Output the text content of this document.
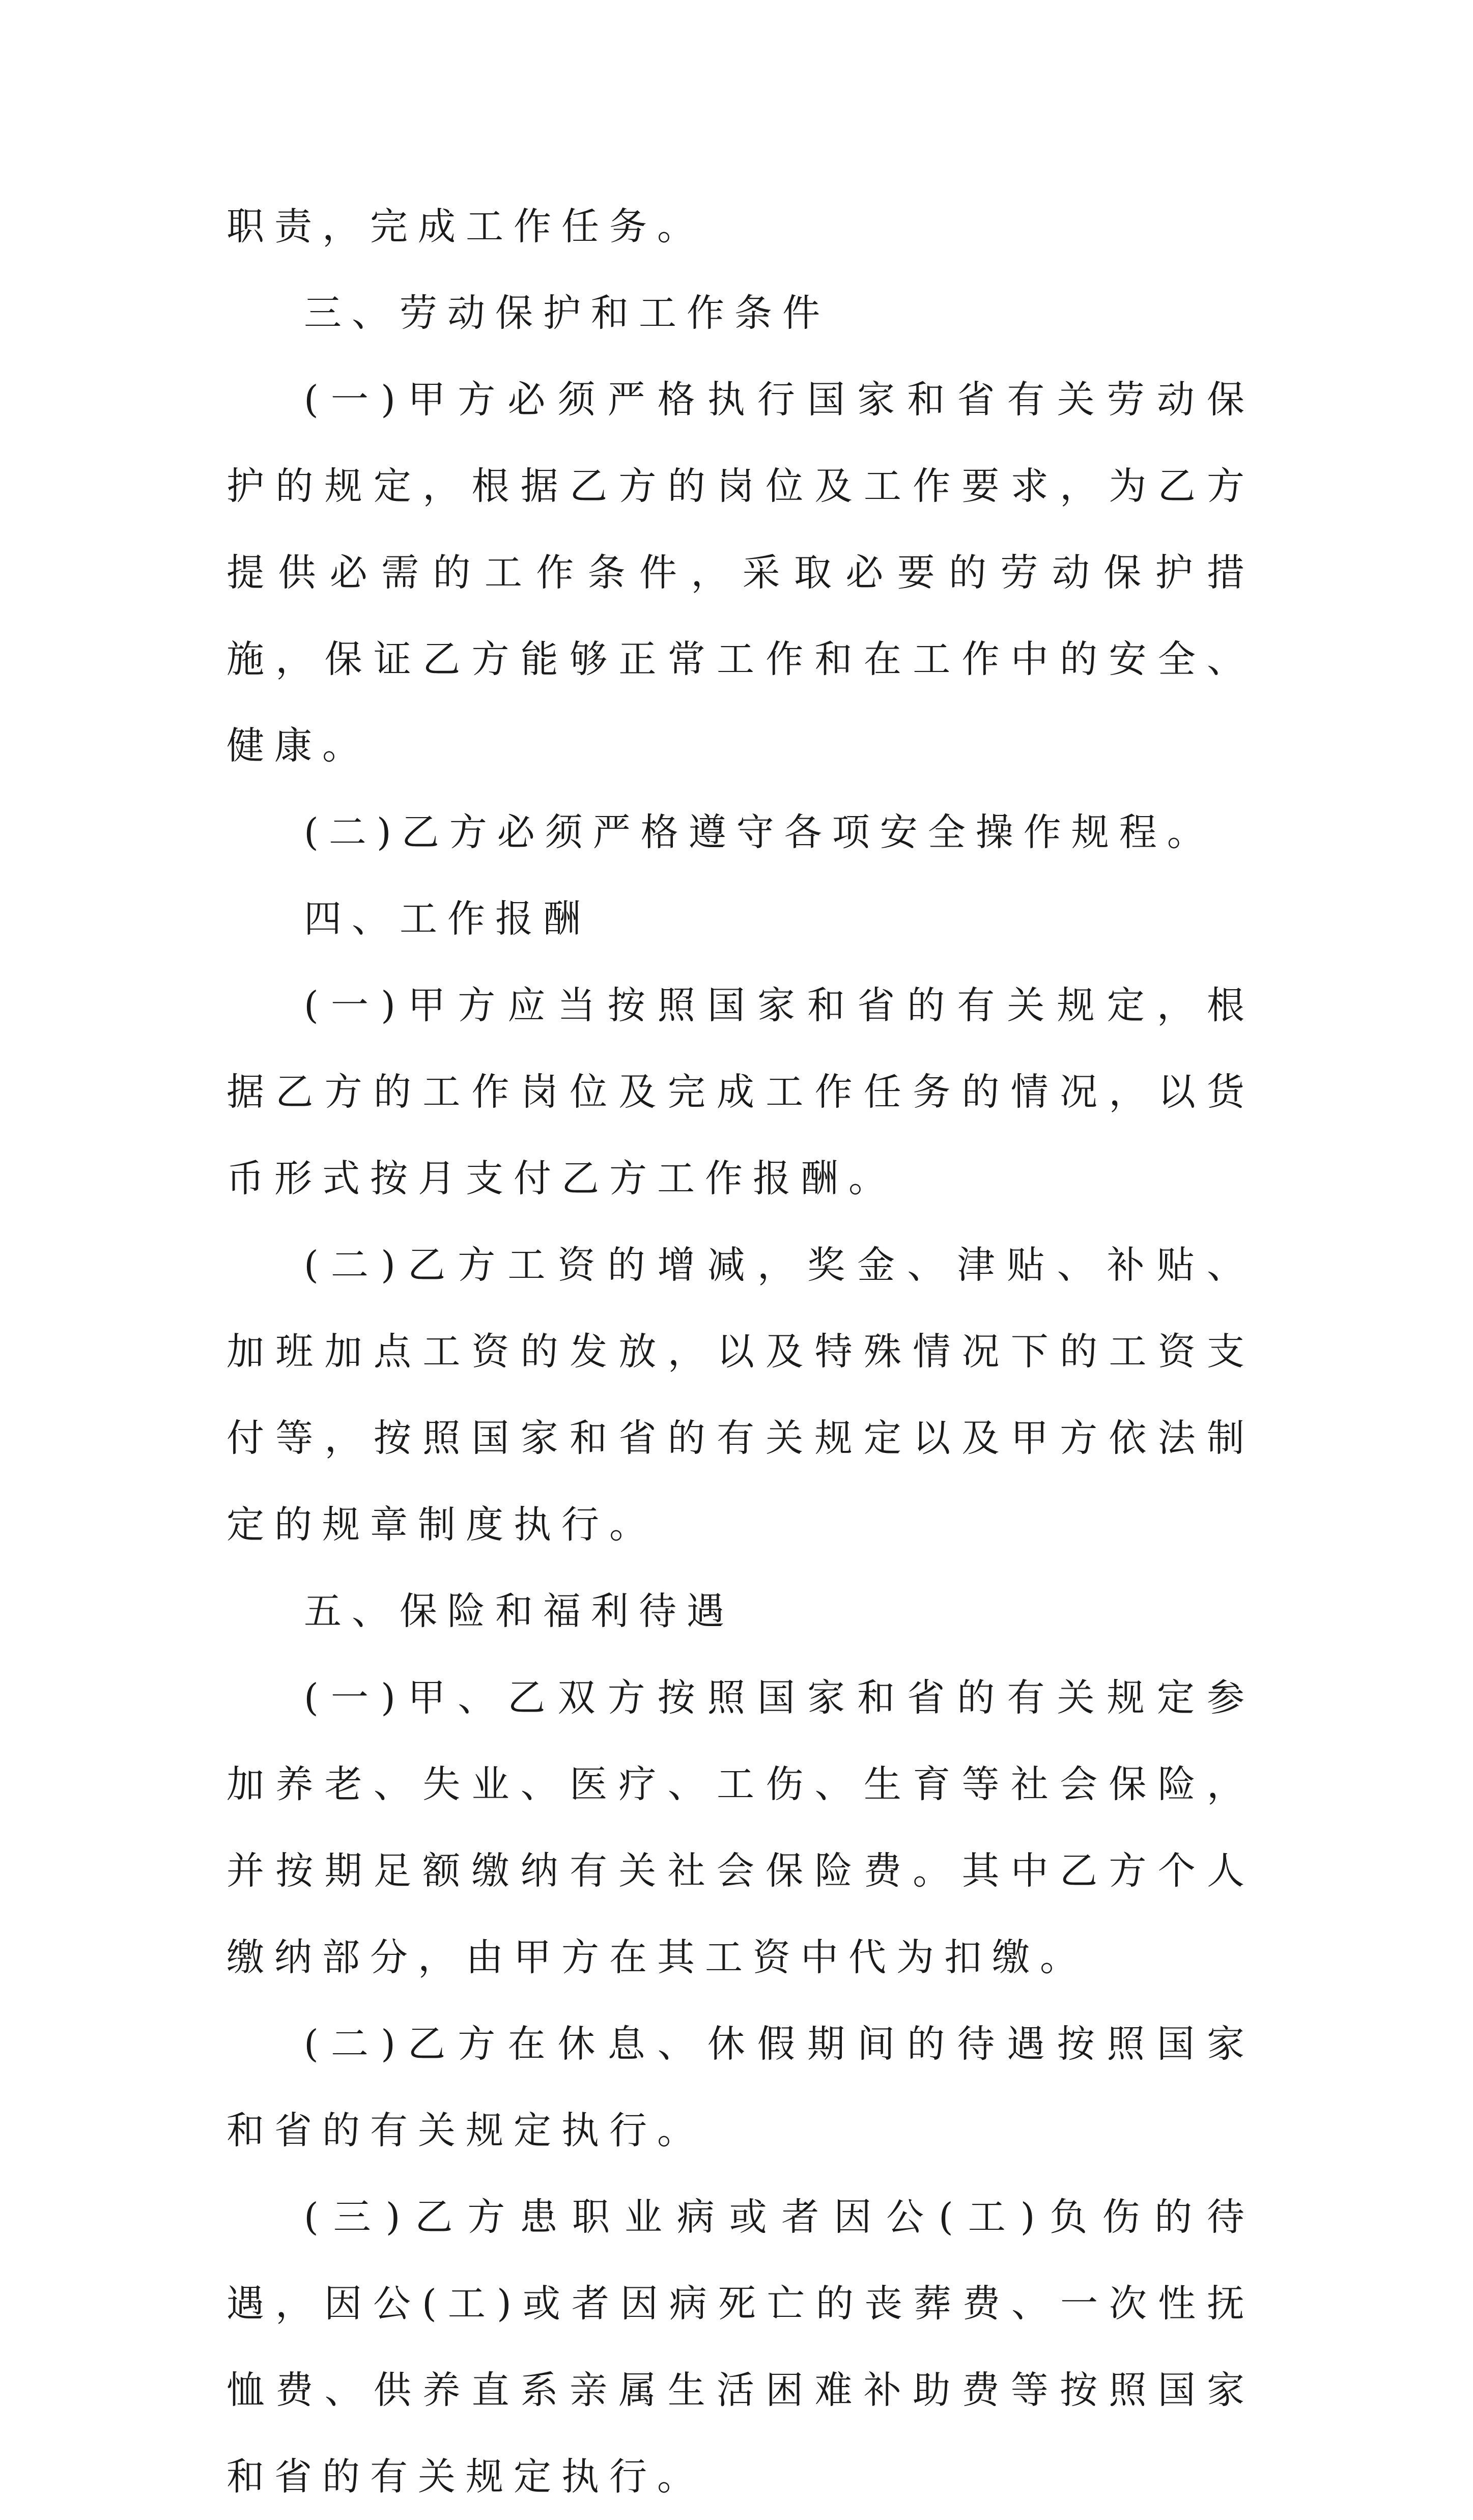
职责，完成工作任务。

三、劳动保护和工作条件

(一)甲方必须严格执行国家和省有关劳动保护的规定，根据乙方的岗位及工作要求，为乙方提供必需的工作条件，采取必要的劳动保护措施，保证乙方能够正常工作和在工作中的安全、健康。

(二)乙方必须严格遵守各项安全操作规程。

四、工作报酬

(一)甲方应当按照国家和省的有关规定，根据乙方的工作岗位及完成工作任务的情况，以货币形式按月支付乙方工作报酬。

(二)乙方工资的增减，奖金、津贴、补贴、加班加点工资的发放，以及特殊情况下的工资支付等，按照国家和省的有关规定以及甲方依法制定的规章制度执行。

五、保险和福利待遇

(一)甲、乙双方按照国家和省的有关规定参加养老、失业、医疗、工伤、生育等社会保险，并按期足额缴纳有关社会保险费。其中乙方个人缴纳部分，由甲方在其工资中代为扣缴。

(二)乙方在休息、休假期间的待遇按照国家和省的有关规定执行。

(三)乙方患职业病或者因公(工)负伤的待遇，因公(工)或者因病死亡的丧葬费、一次性抚恤费、供养直系亲属生活困难补助费等按照国家和省的有关规定执行。
